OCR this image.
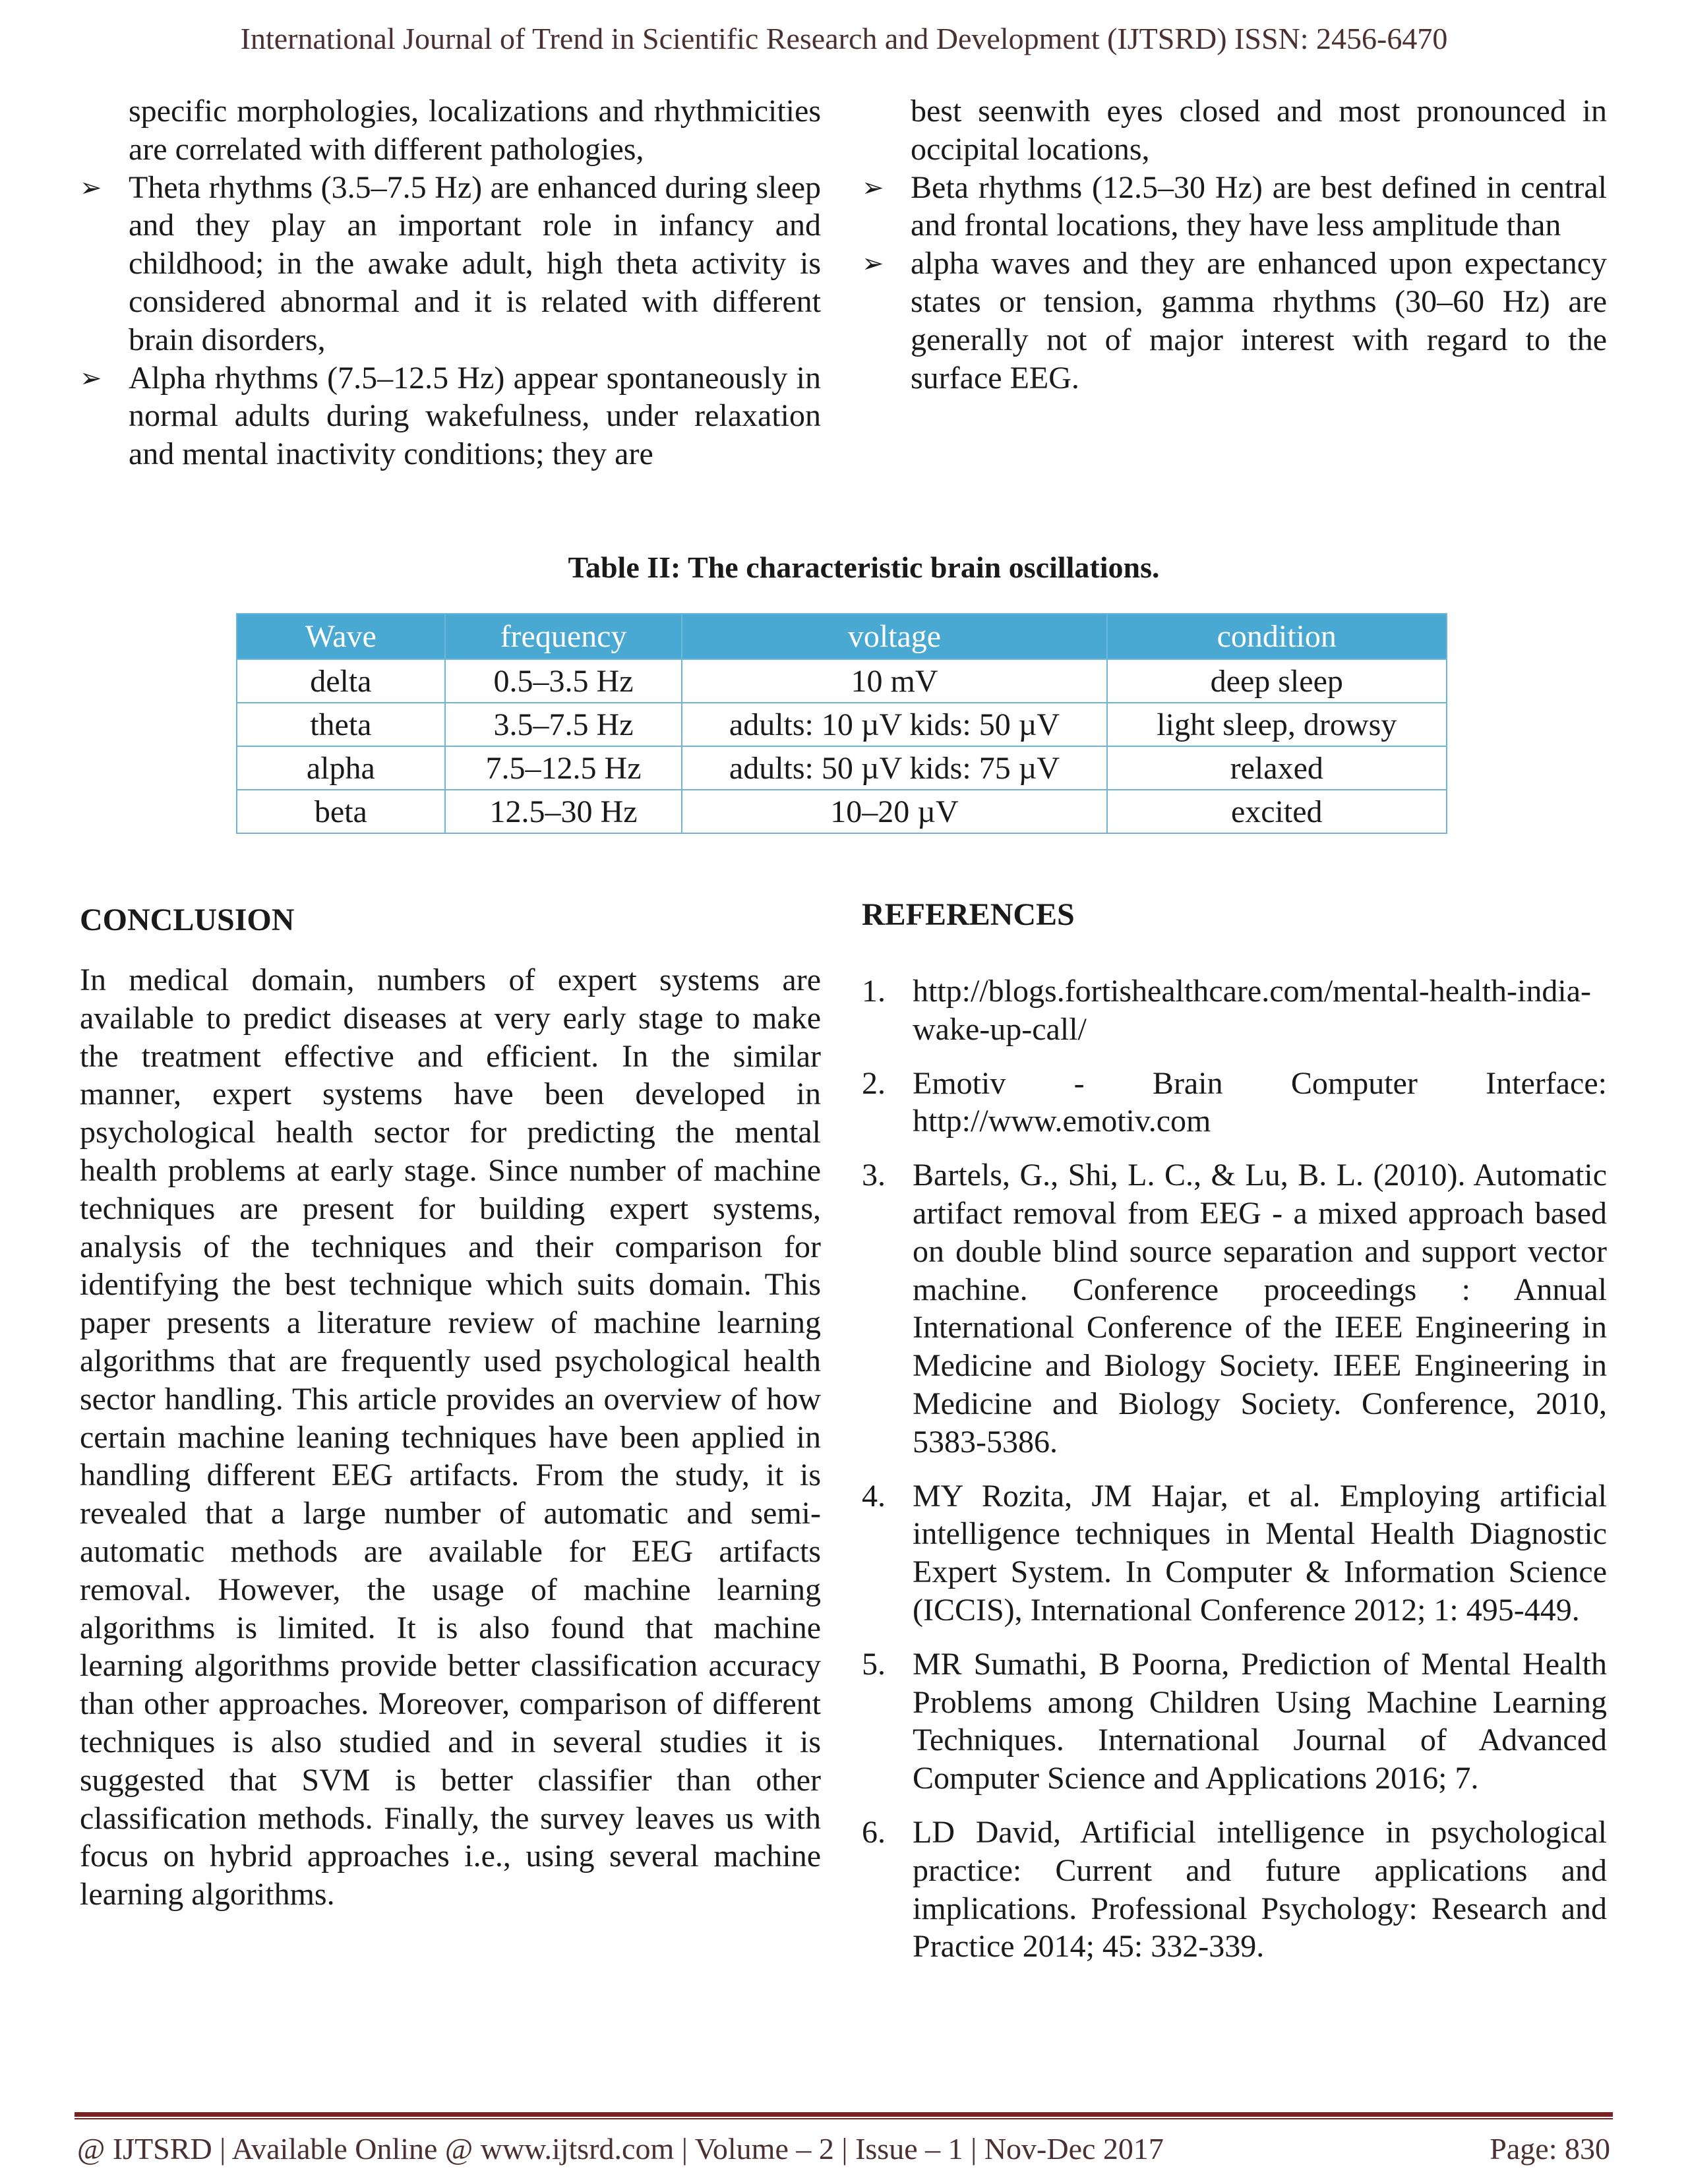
International Journal of Trend in Scientific Research and Development (IJTSRD) ISSN: 2456-6470

specific morphologies, localizations and rhythmicities are correlated with different pathologies,

➢ Theta rhythms (3.5–7.5 Hz) are enhanced during sleep and they play an important role in infancy and childhood; in the awake adult, high theta activity is considered abnormal and it is related with different brain disorders,
➢ Alpha rhythms (7.5–12.5 Hz) appear spontaneously in normal adults during wakefulness, under relaxation and mental inactivity conditions; they are

best seenwith eyes closed and most pronounced in occipital locations,

➢ Beta rhythms (12.5–30 Hz) are best defined in central and frontal locations, they have less amplitude than
➢ alpha waves and they are enhanced upon expectancy states or tension, gamma rhythms (30–60 Hz) are generally not of major interest with regard to the surface EEG.
Table II: The characteristic brain oscillations.
Wave	frequency	voltage	condition
delta	0.5–3.5 Hz	10 mV	deep sleep
theta	3.5–7.5 Hz	adults: 10 µV kids: 50 µV	light sleep, drowsy
alpha	7.5–12.5 Hz	adults: 50 µV kids: 75 µV	relaxed
beta	12.5–30 Hz	10–20 µV	excited
CONCLUSION

In medical domain, numbers of expert systems are available to predict diseases at very early stage to make the treatment effective and efficient. In the similar manner, expert systems have been developed in psychological health sector for predicting the mental health problems at early stage. Since number of machine techniques are present for building expert systems, analysis of the techniques and their comparison for identifying the best technique which suits domain. This paper presents a literature review of machine learning algorithms that are frequently used psychological health sector handling. This article provides an overview of how certain machine leaning techniques have been applied in handling different EEG artifacts. From the study, it is revealed that a large number of automatic and semi-automatic methods are available for EEG artifacts removal. However, the usage of machine learning algorithms is limited. It is also found that machine learning algorithms provide better classification accuracy than other approaches. Moreover, comparison of different techniques is also studied and in several studies it is suggested that SVM is better classifier than other classification methods. Finally, the survey leaves us with focus on hybrid approaches i.e., using several machine learning algorithms.

REFERENCES
1. http://blogs.fortishealthcare.com/mental-health-india-wake-up-call/
2. Emotiv - Brain Computer Interface: http://www.emotiv.com
3. Bartels, G., Shi, L. C., & Lu, B. L. (2010). Automatic artifact removal from EEG - a mixed approach based on double blind source separation and support vector machine. Conference proceedings : Annual International Conference of the IEEE Engineering in Medicine and Biology Society. IEEE Engineering in Medicine and Biology Society. Conference, 2010, 5383-5386.
4. MY Rozita, JM Hajar, et al. Employing artificial intelligence techniques in Mental Health Diagnostic Expert System. In Computer & Information Science (ICCIS), International Conference 2012; 1: 495-449.
5. MR Sumathi, B Poorna, Prediction of Mental Health Problems among Children Using Machine Learning Techniques. International Journal of Advanced Computer Science and Applications 2016; 7.
6. LD David, Artificial intelligence in psychological practice: Current and future applications and implications. Professional Psychology: Research and Practice 2014; 45: 332-339.
@ IJTSRD | Available Online @ www.ijtsrd.com | Volume – 2 | Issue – 1 | Nov-Dec 2017	Page: 830
